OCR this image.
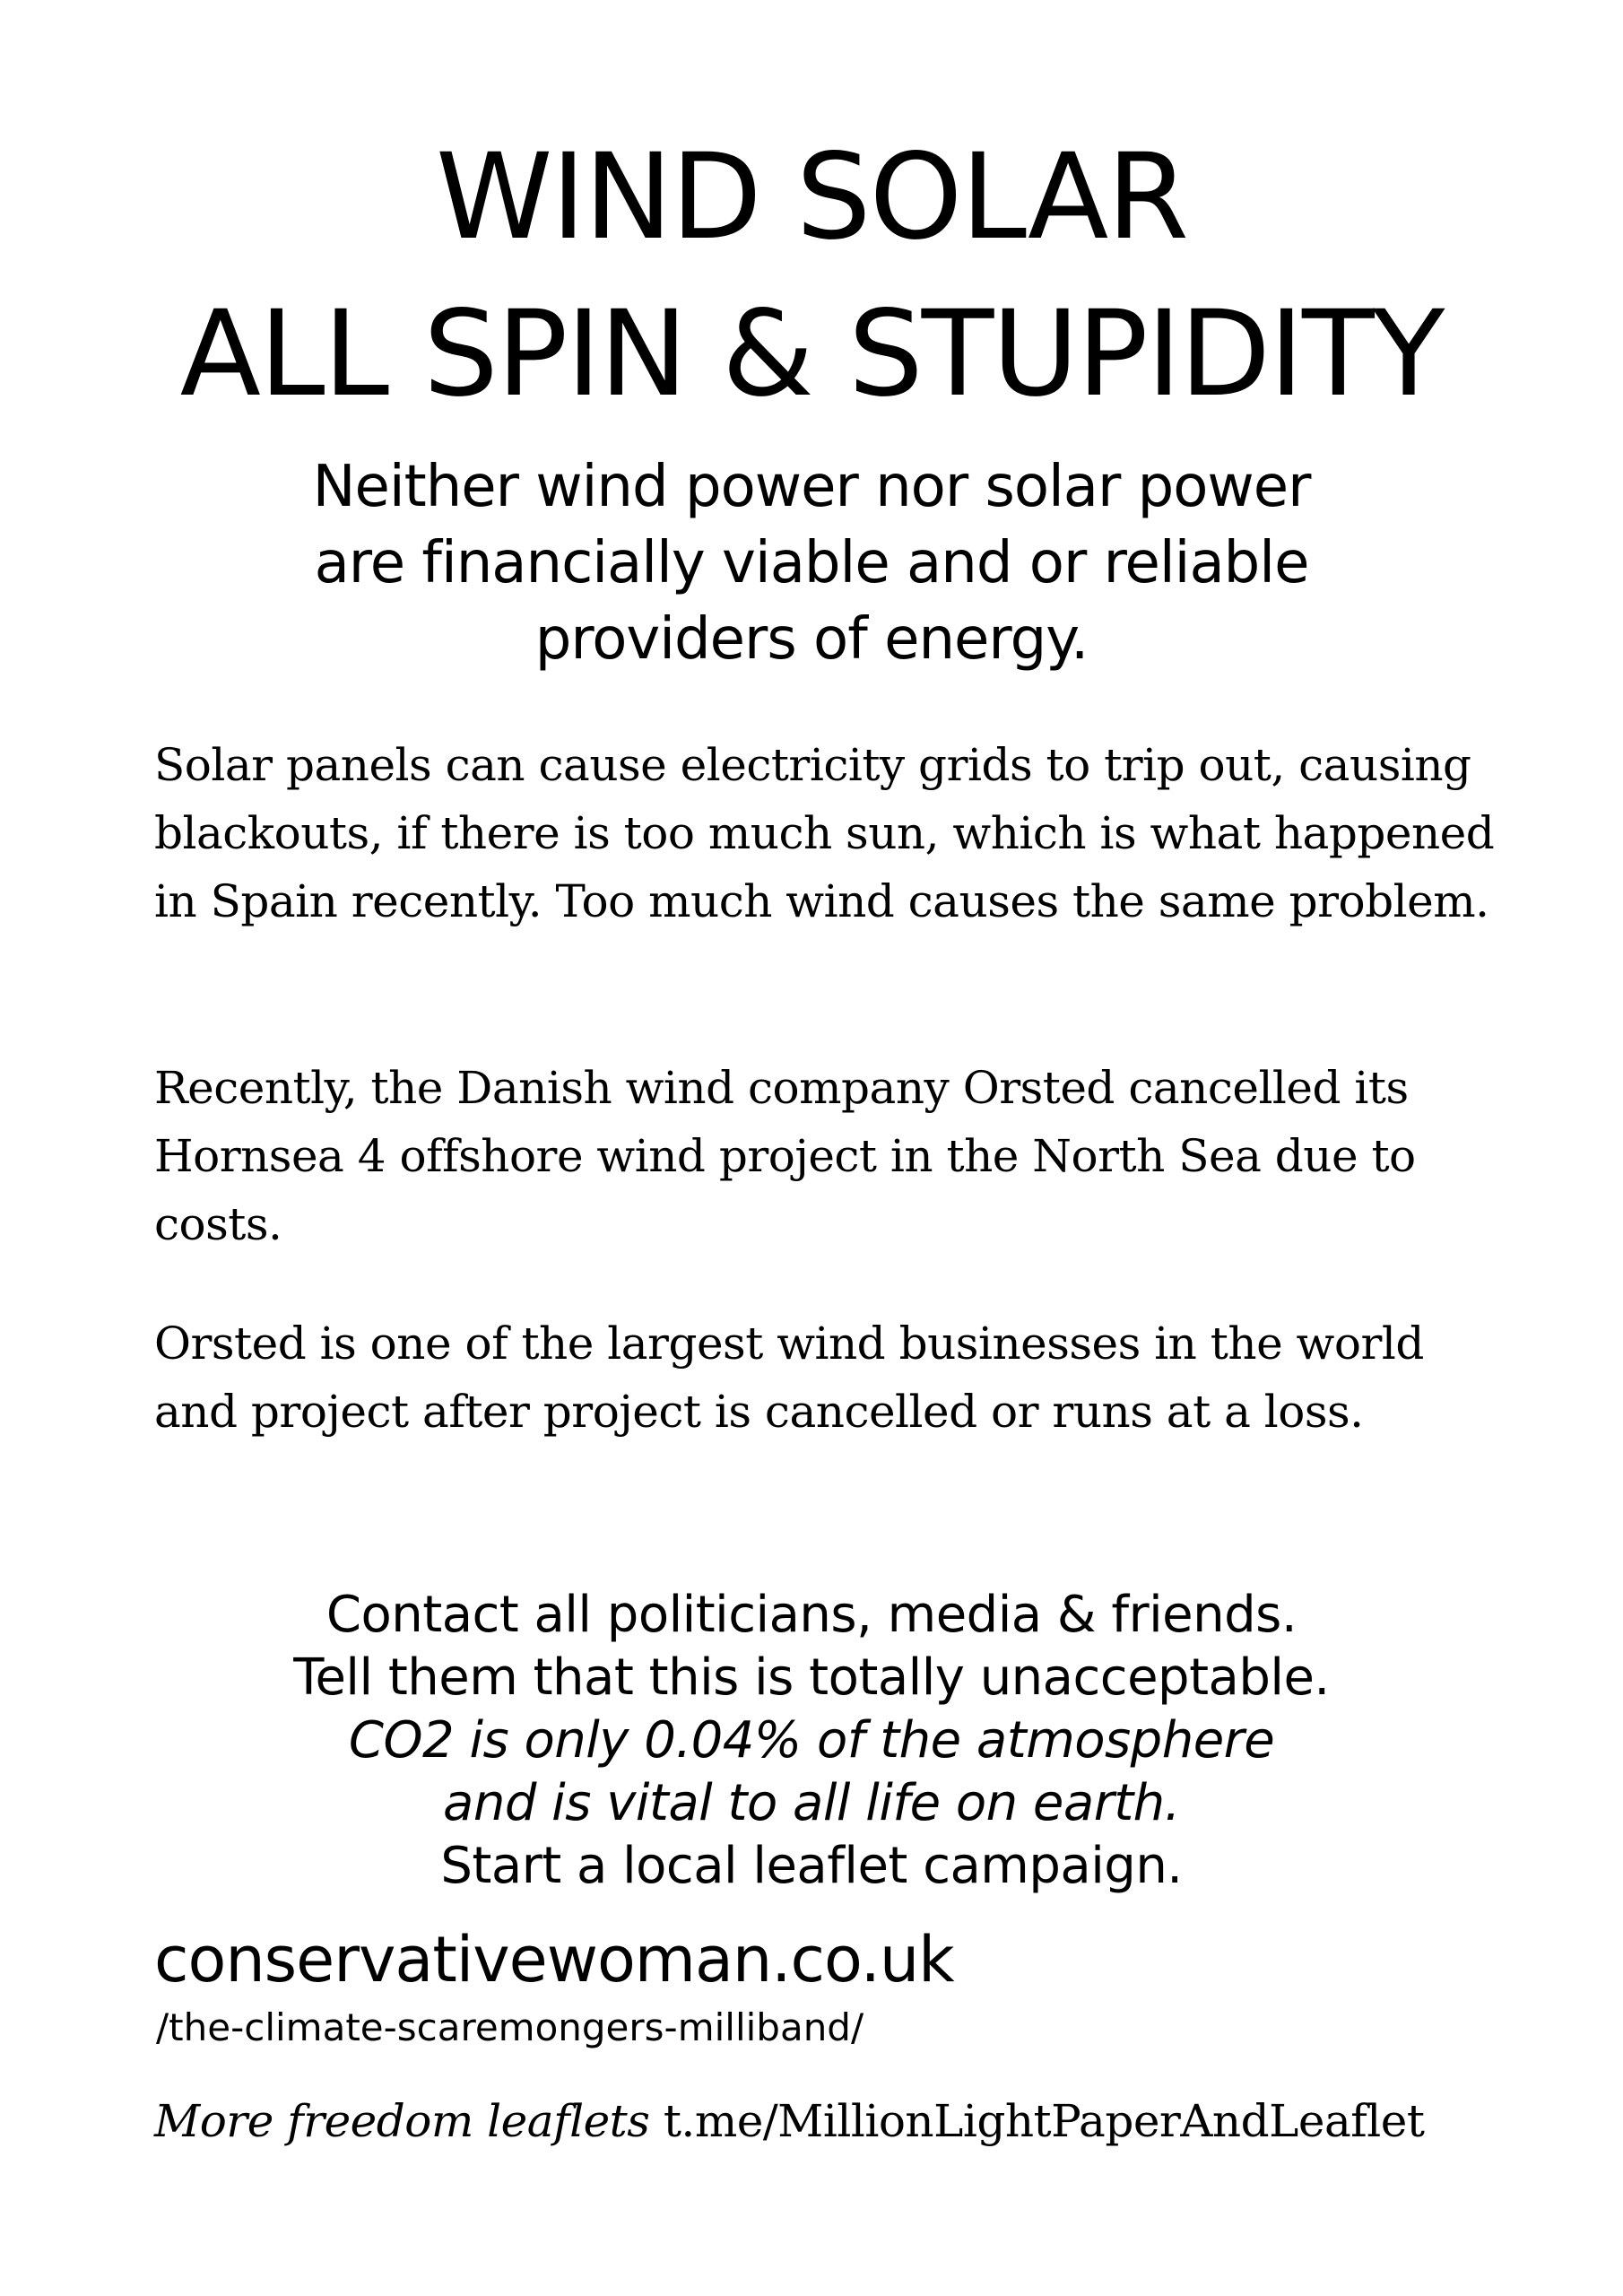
WIND SOLAR
ALL SPIN & STUPIDITY
Neither wind power nor solar power
are financially viable and or reliable
providers of energy.

Solar panels can cause electricity grids to trip out, causing blackouts, if there is too much sun, which is what happened in Spain recently. Too much wind causes the same problem.

Recently, the Danish wind company Orsted cancelled its Hornsea 4 offshore wind project in the North Sea due to costs.

Orsted is one of the largest wind businesses in the world and project after project is cancelled or runs at a loss.

Contact all politicians, media & friends.
Tell them that this is totally unacceptable.
CO2 is only 0.04% of the atmosphere
and is vital to all life on earth.
Start a local leaflet campaign.
conservativewoman.co.uk
/the-climate-scaremongers-milliband/
More freedom leaflets t.me/MillionLightPaperAndLeaflet
